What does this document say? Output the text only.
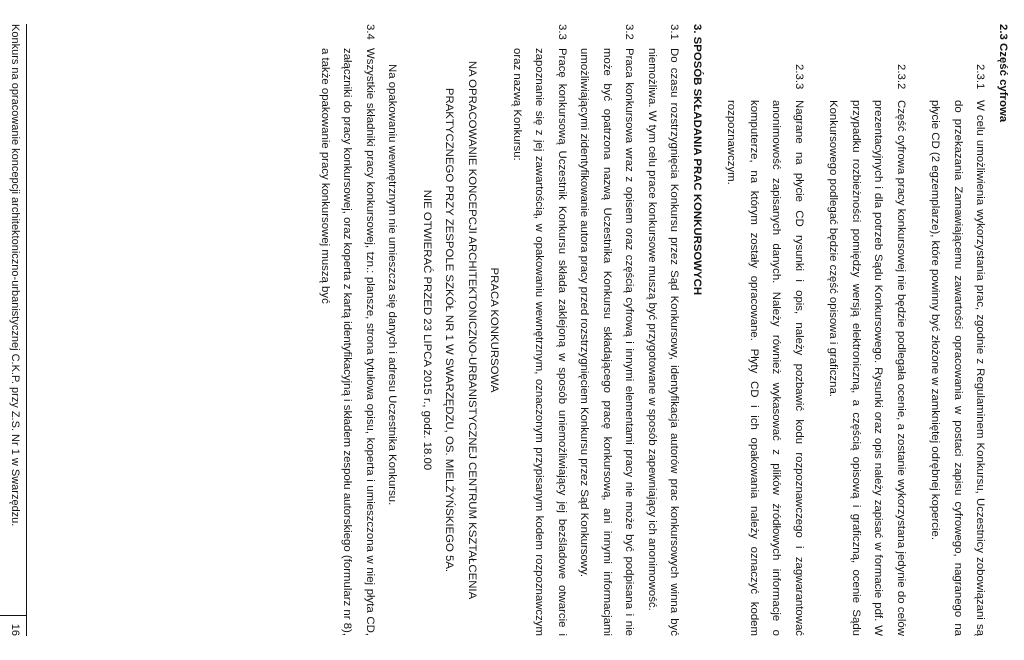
2.3 Część cyfrowa

2.3.1

W celu umożliwienia wykorzystania prac, zgodnie z Regulaminem Konkursu, Uczestnicy zobowiązani są do przekazania Zamawiającemu zawartości opracowania w postaci zapisu cyfrowego, nagranego na płycie CD (2 egzemplarze), które powinny być złożone w zamkniętej odrębnej kopercie.

2.3.2

Część cyfrowa pracy konkursowej nie będzie podlegała ocenie, a zostanie wykorzystana jedynie do celów prezentacyjnych i dla potrzeb Sądu Konkursowego. Rysunki oraz opis należy zapisać w formacie pdf. W przypadku rozbieżności pomiędzy wersją elektroniczną, a częścią opisową i graficzną, ocenie Sądu Konkursowego podlegać będzie część opisowa i graficzna.

2.3.3

Nagrane na płycie CD rysunki i opis, należy pozbawić kodu rozpoznawczego i zagwarantować anonimowość zapisanych danych. Należy również wykasować z plików źródłowych informacje o komputerze, na którym zostały opracowane. Płyty CD i ich opakowania należy oznaczyć kodem rozpoznawczym.

3. SPOSÓB SKŁADANIA PRAC KONKURSOWYCH

3.1

Do czasu rozstrzygnięcia Konkursu przez Sąd Konkursowy, identyfikacja autorów prac konkursowych winna być niemożliwa. W tym celu prace konkursowe muszą być przygotowane w sposób zapewniający ich anonimowość.

3.2

Praca konkursowa wraz z opisem oraz częścią cyfrową i innymi elementami pracy nie może być podpisana i nie może być opatrzona nazwą Uczestnika Konkursu składającego pracę konkursową, ani innymi informacjami umożliwiającymi zidentyfikowanie autora pracy przed rozstrzygnięciem Konkursu przez Sąd Konkursowy.

3.3

Pracę konkursową Uczestnik Konkursu składa zaklejoną w sposób uniemożliwiający jej bezśladowe otwarcie i zapoznanie się z jej zawartością, w opakowaniu wewnętrznym, oznaczonym przypisanym kodem rozpoznawczym oraz nazwą Konkursu:

PRACA KONKURSOWA

NA OPRACOWANIE KONCEPCJI ARCHITEKTONICZNO-URBANISTYCZNEJ CENTRUM KSZTAŁCENIA

PRAKTYCZNEGO PRZY ZESPOLE SZKÓŁ NR 1 W SWARZĘDZU, OS. MIELŻYŃSKIEGO 5A.

NIE OTWIERAĆ PRZED 23 LIPCA 2015 r., godz. 18.00

Na opakowaniu wewnętrznym nie umieszcza się danych i adresu Uczestnika Konkursu.

3.4

Wszystkie składniki pracy konkursowej, tzn.: plansze, strona tytułowa opisu, koperta i umieszczona w niej płyta CD, załączniki do pracy konkursowej, oraz koperta z kartą identyfikacyjną i składem zespołu autorskiego (formularz nr 8), a także opakowanie pracy konkursowej muszą być

Konkurs na opracowanie koncepcji architektoniczno-urbanistycznej C.K.P. przy Z.S. Nr 1 w Swarzędzu.
16
